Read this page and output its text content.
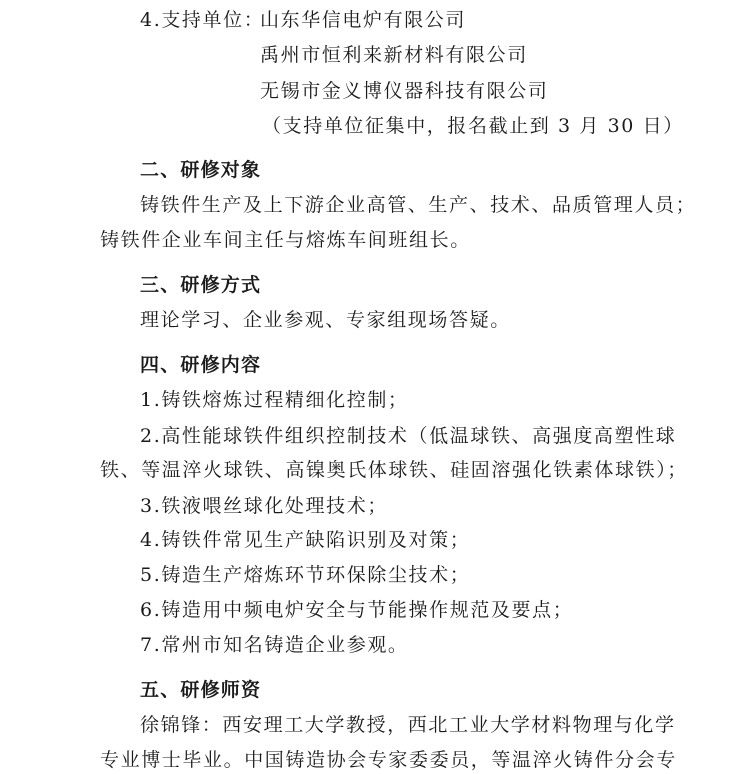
4.支持单位：
山东华信电炉有限公司
禹州市恒利来新材料有限公司
无锡市金义博仪器科技有限公司
（支持单位征集中，报名截止到 3 月 30 日）
二、研修对象
铸铁件生产及上下游企业高管、生产、技术、品质管理人员；
铸铁件企业车间主任与熔炼车间班组长。
三、研修方式
理论学习、企业参观、专家组现场答疑。
四、研修内容
1.铸铁熔炼过程精细化控制；
2.高性能球铁件组织控制技术（低温球铁、高强度高塑性球
铁、等温淬火球铁、高镍奥氏体球铁、硅固溶强化铁素体球铁）；
3.铁液喂丝球化处理技术；
4.铸铁件常见生产缺陷识别及对策；
5.铸造生产熔炼环节环保除尘技术；
6.铸造用中频电炉安全与节能操作规范及要点；
7.常州市知名铸造企业参观。
五、研修师资
徐锦锋：西安理工大学教授，西北工业大学材料物理与化学
专业博士毕业。中国铸造协会专家委委员，等温淬火铸件分会专
